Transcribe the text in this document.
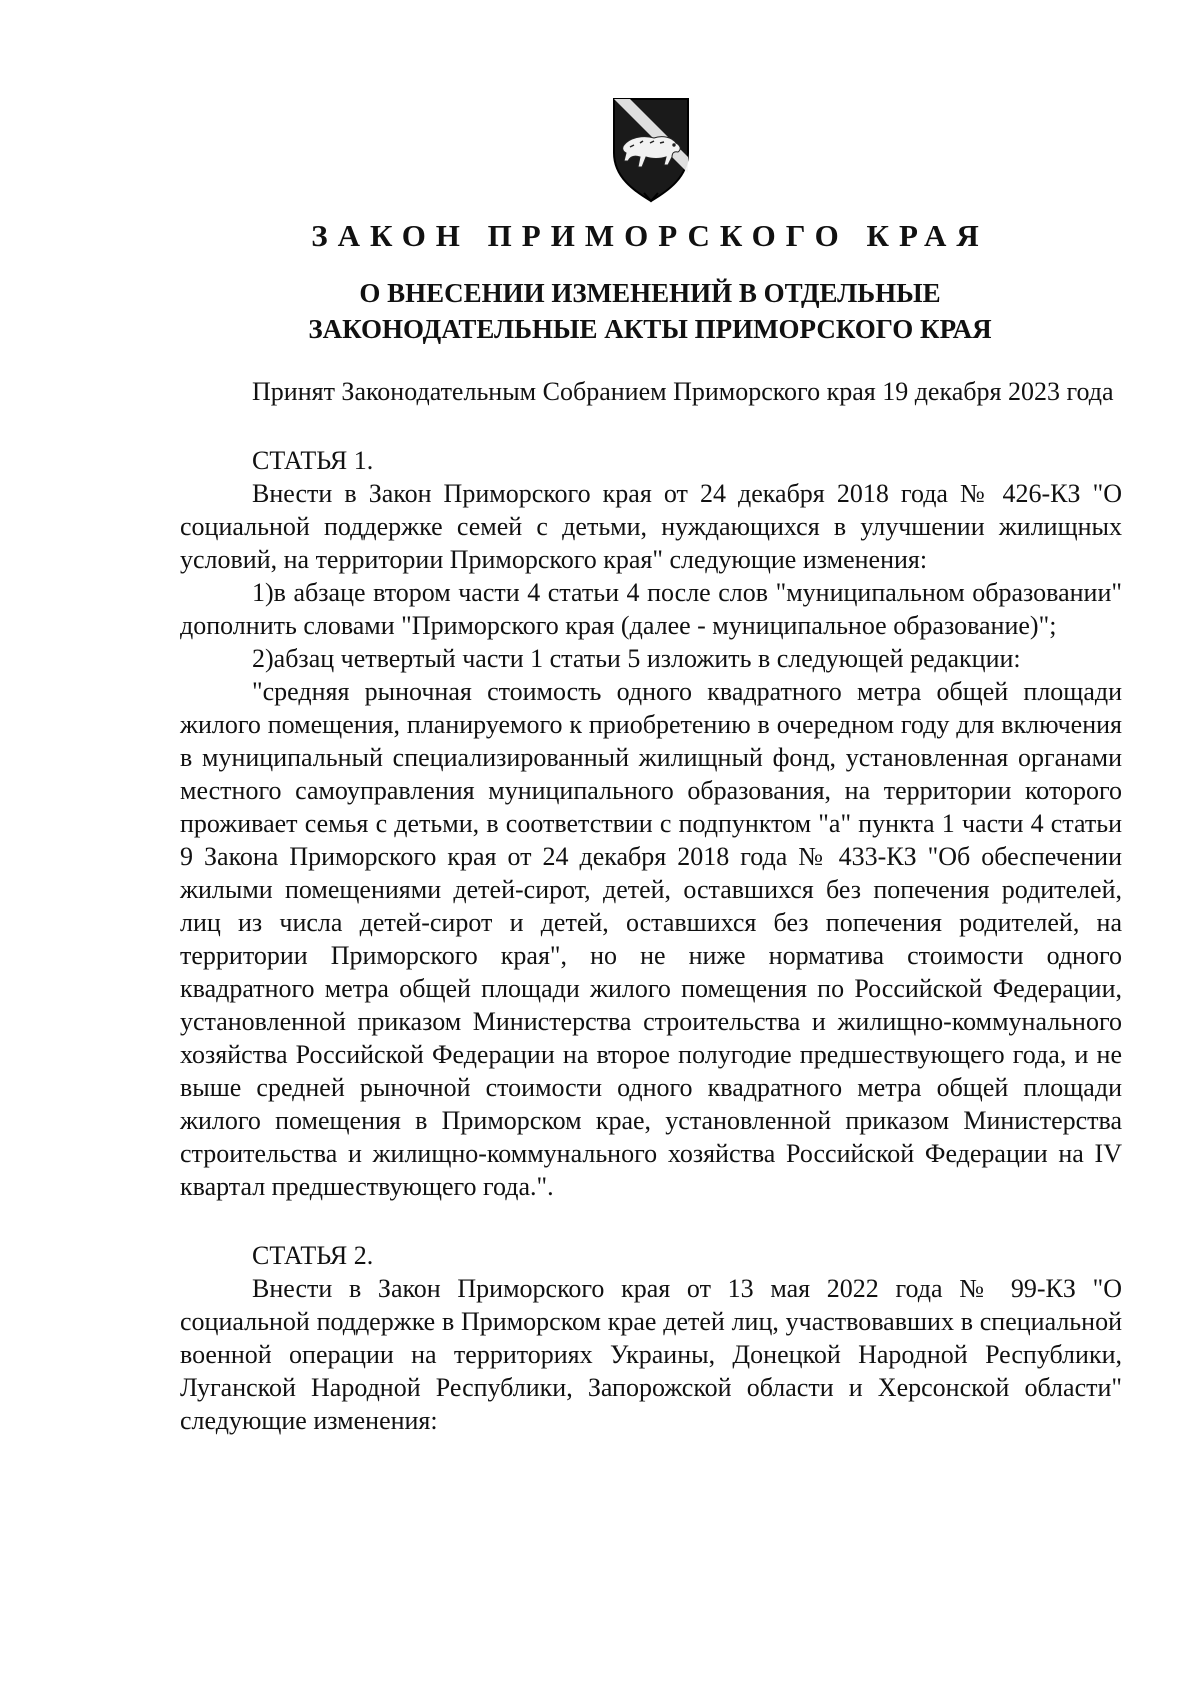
ЗАКОН ПРИМОРСКОГО КРАЯ
О ВНЕСЕНИИ ИЗМЕНЕНИЙ В ОТДЕЛЬНЫЕ
ЗАКОНОДАТЕЛЬНЫЕ АКТЫ ПРИМОРСКОГО КРАЯ

Принят Законодательным Собранием Приморского края 19 декабря 2023 года

СТАТЬЯ 1.

Внести в Закон Приморского края от 24 декабря 2018 года № 426-КЗ "О социальной поддержке семей с детьми, нуждающихся в улучшении жилищных условий, на территории Приморского края" следующие изменения:

1)в абзаце втором части 4 статьи 4 после слов "муниципальном образовании" дополнить словами "Приморского края (далее - муниципальное образование)";

2)абзац четвертый части 1 статьи 5 изложить в следующей редакции:

"средняя рыночная стоимость одного квадратного метра общей площади жилого помещения, планируемого к приобретению в очередном году для включения в муниципальный специализированный жилищный фонд, установленная органами местного самоуправления муниципального образования, на территории которого проживает семья с детьми, в соответствии с подпунктом "а" пункта 1 части 4 статьи 9 Закона Приморского края от 24 декабря 2018 года № 433-КЗ "Об обеспечении жилыми помещениями детей-сирот, детей, оставшихся без попечения родителей, лиц из числа детей-сирот и детей, оставшихся без попечения родителей, на территории Приморского края", но не ниже норматива стоимости одного квадратного метра общей площади жилого помещения по Российской Федерации, установленной приказом Министерства строительства и жилищно-коммунального хозяйства Российской Федерации на второе полугодие предшествующего года, и не выше средней рыночной стоимости одного квадратного метра общей площади жилого помещения в Приморском крае, установленной приказом Министерства строительства и жилищно-коммунального хозяйства Российской Федерации на IV квартал предшествующего года.".

СТАТЬЯ 2.

Внести в Закон Приморского края от 13 мая 2022 года № 99-КЗ "О социальной поддержке в Приморском крае детей лиц, участвовавших в специальной военной операции на территориях Украины, Донецкой Народной Республики, Луганской Народной Республики, Запорожской области и Херсонской области" следующие изменения:
